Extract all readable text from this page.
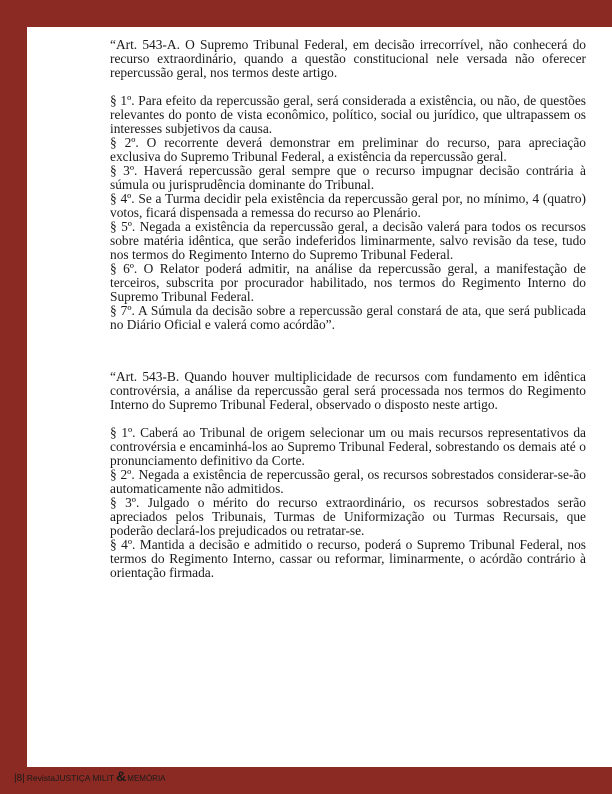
“Art. 543-A. O Supremo Tribunal Federal, em decisão irrecorrível, não conhecerá do recurso extraordinário, quando a questão constitucional nele versada não oferecer repercussão geral, nos termos deste artigo.

§ 1º. Para efeito da repercussão geral, será considerada a existência, ou não, de questões relevantes do ponto de vista econômico, político, social ou jurídico, que ultrapassem os interesses subjetivos da causa.

§ 2º. O recorrente deverá demonstrar em preliminar do recurso, para apreciação exclusiva do Supremo Tribunal Federal, a existência da repercussão geral.

§ 3º. Haverá repercussão geral sempre que o recurso impugnar decisão contrária à súmula ou jurisprudência dominante do Tribunal.

§ 4º. Se a Turma decidir pela existência da repercussão geral por, no mínimo, 4 (quatro) votos, ficará dispensada a remessa do recurso ao Plenário.

§ 5º. Negada a existência da repercussão geral, a decisão valerá para todos os recursos sobre matéria idêntica, que serão indeferidos liminarmente, salvo revisão da tese, tudo nos termos do Regimento Interno do Supremo Tribunal Federal.

§ 6º. O Relator poderá admitir, na análise da repercussão geral, a manifestação de terceiros, subscrita por procurador habilitado, nos termos do Regimento Interno do Supremo Tribunal Federal.

§ 7º. A Súmula da decisão sobre a repercussão geral constará de ata, que será publicada no Diário Oficial e valerá como acórdão”.

“Art. 543-B. Quando houver multiplicidade de recursos com fundamento em idêntica controvérsia, a análise da repercussão geral será processada nos termos do Regimento Interno do Supremo Tribunal Federal, observado o disposto neste artigo.

§ 1º. Caberá ao Tribunal de origem selecionar um ou mais recursos representativos da controvérsia e encaminhá-los ao Supremo Tribunal Federal, sobrestando os demais até o pronunciamento definitivo da Corte.

§ 2º. Negada a existência de repercussão geral, os recursos sobrestados considerar-se-ão automaticamente não admitidos.

§ 3º. Julgado o mérito do recurso extraordinário, os recursos sobrestados serão apreciados pelos Tribunais, Turmas de Uniformização ou Turmas Recursais, que poderão declará-los prejudicados ou retratar-se.

§ 4º. Mantida a decisão e admitido o recurso, poderá o Supremo Tribunal Federal, nos termos do Regimento Interno, cassar ou reformar, liminarmente, o acórdão contrário à orientação firmada.

|8| Revista JUSTIÇA MILIT & MEMÓRIA
